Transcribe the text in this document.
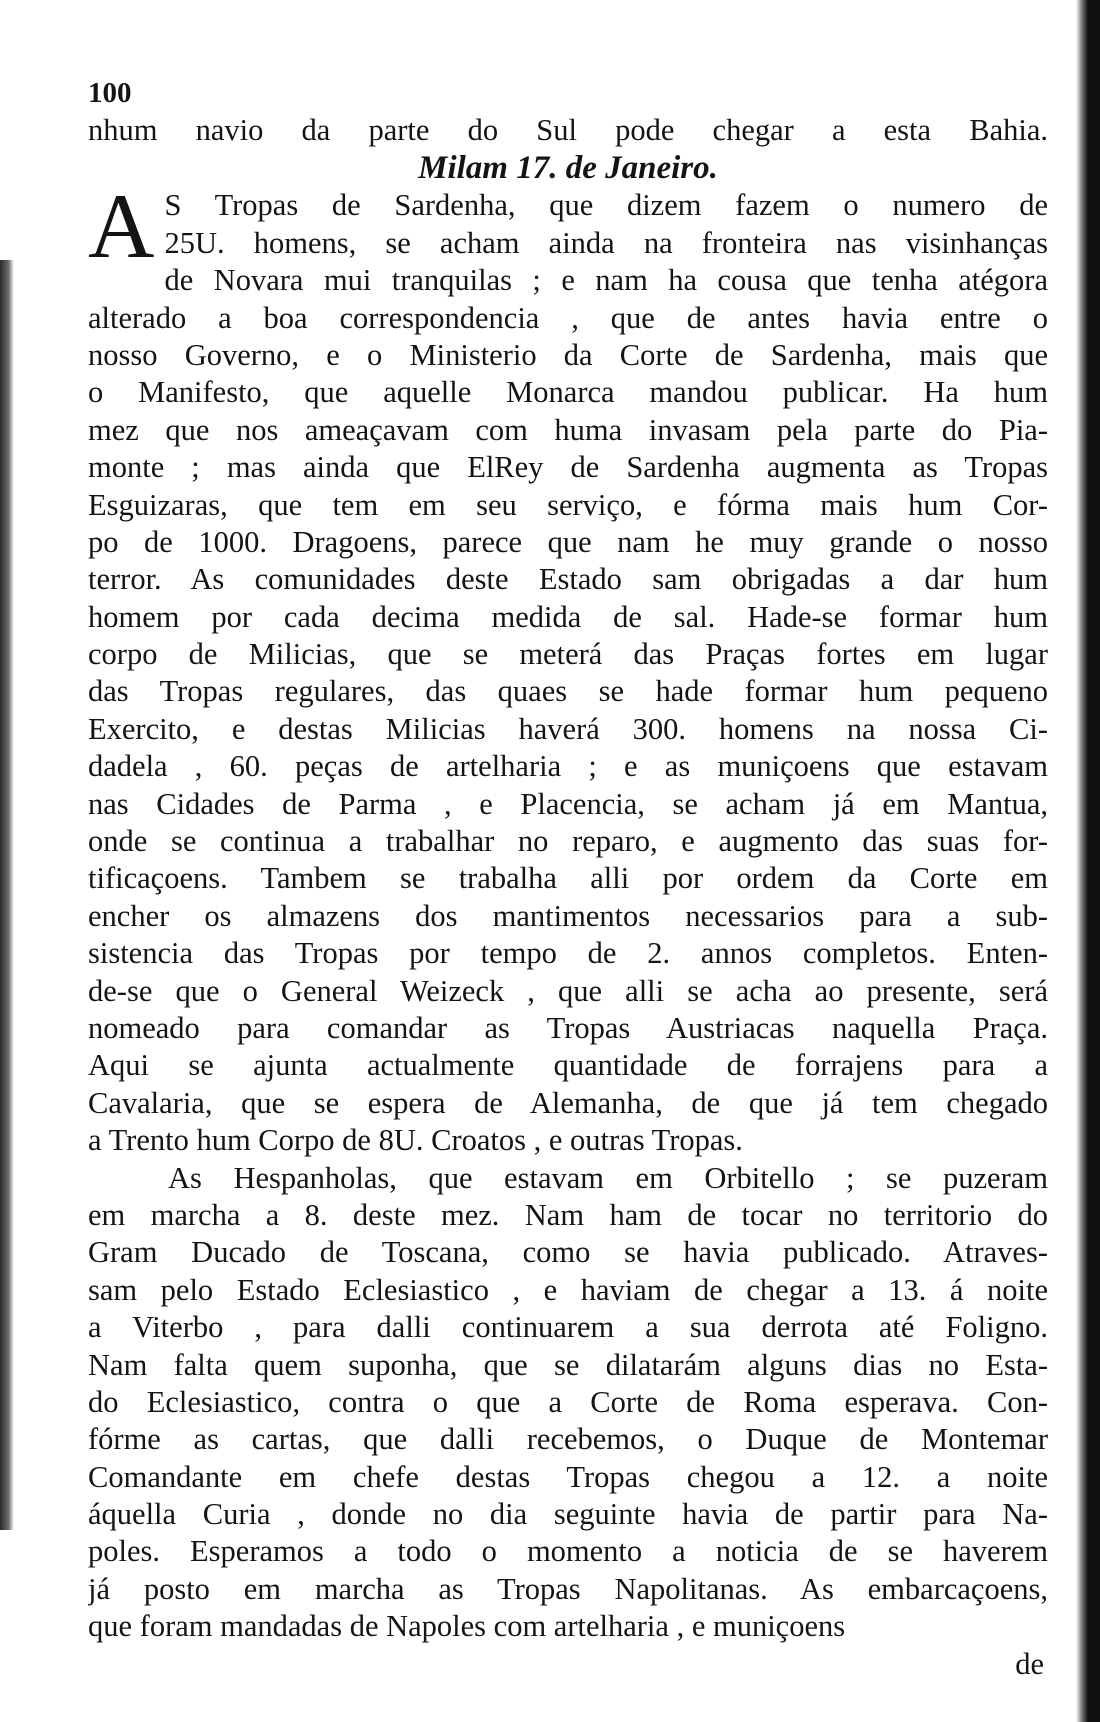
100
nhum navio da parte do Sul pode chegar a esta Bahia.
Milam 17. de Janeiro.
A S Tropas de Sardenha, que dizem fazem o numero de
25U. homens, se acham ainda na fronteira nas visinhanças
de Novara mui tranquilas ; e nam ha cousa que tenha atégora
alterado a boa correspondencia , que de antes havia entre o
nosso Governo, e o Ministerio da Corte de Sardenha, mais que
o Manifesto, que aquelle Monarca mandou publicar. Ha hum
mez que nos ameaçavam com huma invasam pela parte do Pia-
monte ; mas ainda que ElRey de Sardenha augmenta as Tropas
Esguizaras, que tem em seu serviço, e fórma mais hum Cor-
po de 1000. Dragoens, parece que nam he muy grande o nosso
terror. As comunidades deste Estado sam obrigadas a dar hum
homem por cada decima medida de sal. Hade-se formar hum
corpo de Milicias, que se meterá das Praças fortes em lugar
das Tropas regulares, das quaes se hade formar hum pequeno
Exercito, e destas Milicias haverá 300. homens na nossa Ci-
dadela , 60. peças de artelharia ; e as muniçoens que estavam
nas Cidades de Parma , e Placencia, se acham já em Mantua,
onde se continua a trabalhar no reparo, e augmento das suas for-
tificaçoens. Tambem se trabalha alli por ordem da Corte em
encher os almazens dos mantimentos necessarios para a sub-
sistencia das Tropas por tempo de 2. annos completos. Enten-
de-se que o General Weizeck , que alli se acha ao presente, será
nomeado para comandar as Tropas Austriacas naquella Praça.
Aqui se ajunta actualmente quantidade de forrajens para a
Cavalaria, que se espera de Alemanha, de que já tem chegado
a Trento hum Corpo de 8U. Croatos , e outras Tropas.
As Hespanholas, que estavam em Orbitello ; se puzeram
em marcha a 8. deste mez. Nam ham de tocar no territorio do
Gram Ducado de Toscana, como se havia publicado. Atraves-
sam pelo Estado Eclesiastico , e haviam de chegar a 13. á noite
a Viterbo , para dalli continuarem a sua derrota até Foligno.
Nam falta quem suponha, que se dilatarám alguns dias no Esta-
do Eclesiastico, contra o que a Corte de Roma esperava. Con-
fórme as cartas, que dalli recebemos, o Duque de Montemar
Comandante em chefe destas Tropas chegou a 12. a noite
áquella Curia , donde no dia seguinte havia de partir para Na-
poles. Esperamos a todo o momento a noticia de se haverem
já posto em marcha as Tropas Napolitanas. As embarcaçoens,
que foram mandadas de Napoles com artelharia , e muniçoens
de
